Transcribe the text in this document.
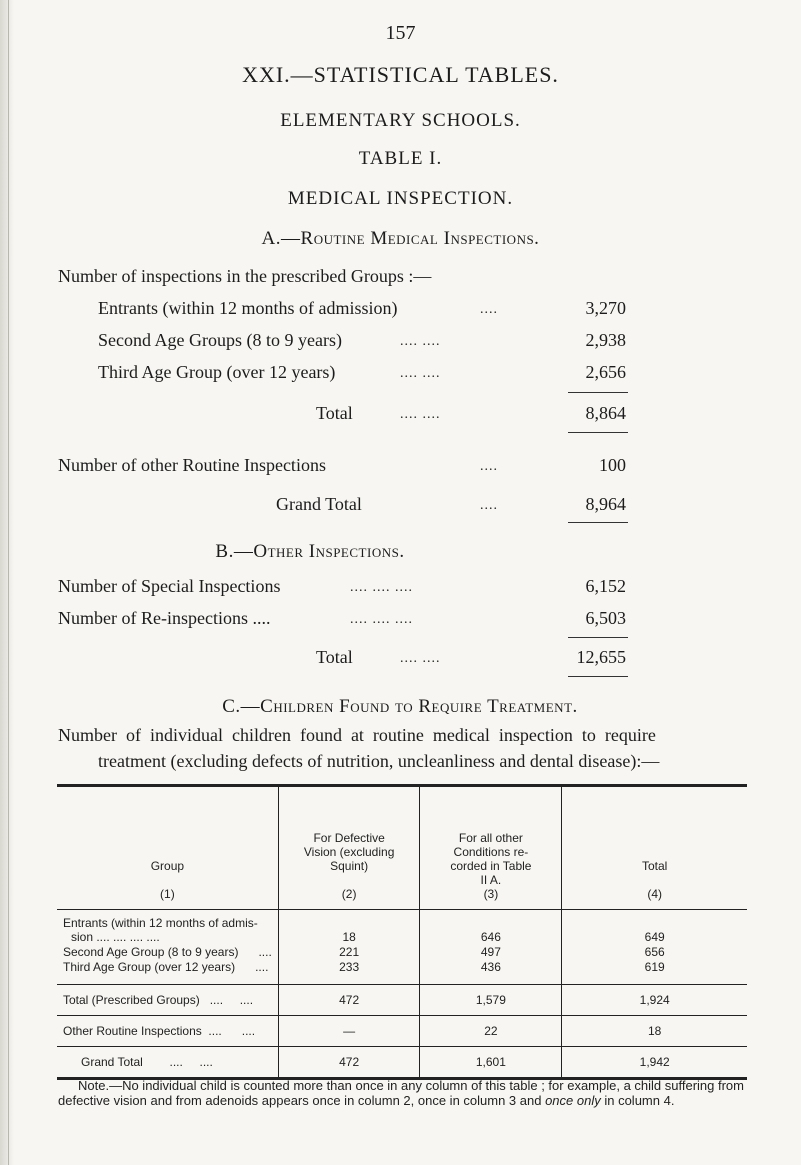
157
XXI.—STATISTICAL TABLES.
ELEMENTARY SCHOOLS.
TABLE I.
MEDICAL INSPECTION.
A.—Routine Medical Inspections.
Number of inspections in the prescribed Groups :—
Entrants (within 12 months of admission)	....	3,270
Second Age Groups (8 to 9 years)	.... ....	2,938
Third Age Group (over 12 years)	.... ....	2,656
Total	.... ....	8,864
Number of other Routine Inspections	....	100
Grand Total	....	8,964
B.—Other Inspections.
Number of Special Inspections	.... .... ....	6,152
Number of Re-inspections ....	.... .... ....	6,503
Total	.... ....	12,655
C.—Children Found to Require Treatment.
Number  of  individual  children  found  at  routine  medical  inspection  to  require
treatment (excluding defects of nutrition, uncleanliness and dental disease):—
Group
(1)	For Defective
Vision (excluding
Squint)
(2)	For all other
Conditions re-
corded in Table
II A.
(3)	Total
(4)

Entrants (within 12 months of admis-
sion .... .... .... ....	18	646	649
Second Age Group (8 to 9 years)      ....	221	497	656
Third Age Group (over 12 years)      ....	233	436	619
Total (Prescribed Groups)   ....     ....	472	1,579	1,924
Other Routine Inspections  ....      ....	—	22	18
Grand Total        ....     ....	472	1,601	1,942
Note.—No individual child is counted more than once in any column of this table ; for example, a child suffering from defective vision and from adenoids appears once in column 2, once in column 3 and once only in column 4.
